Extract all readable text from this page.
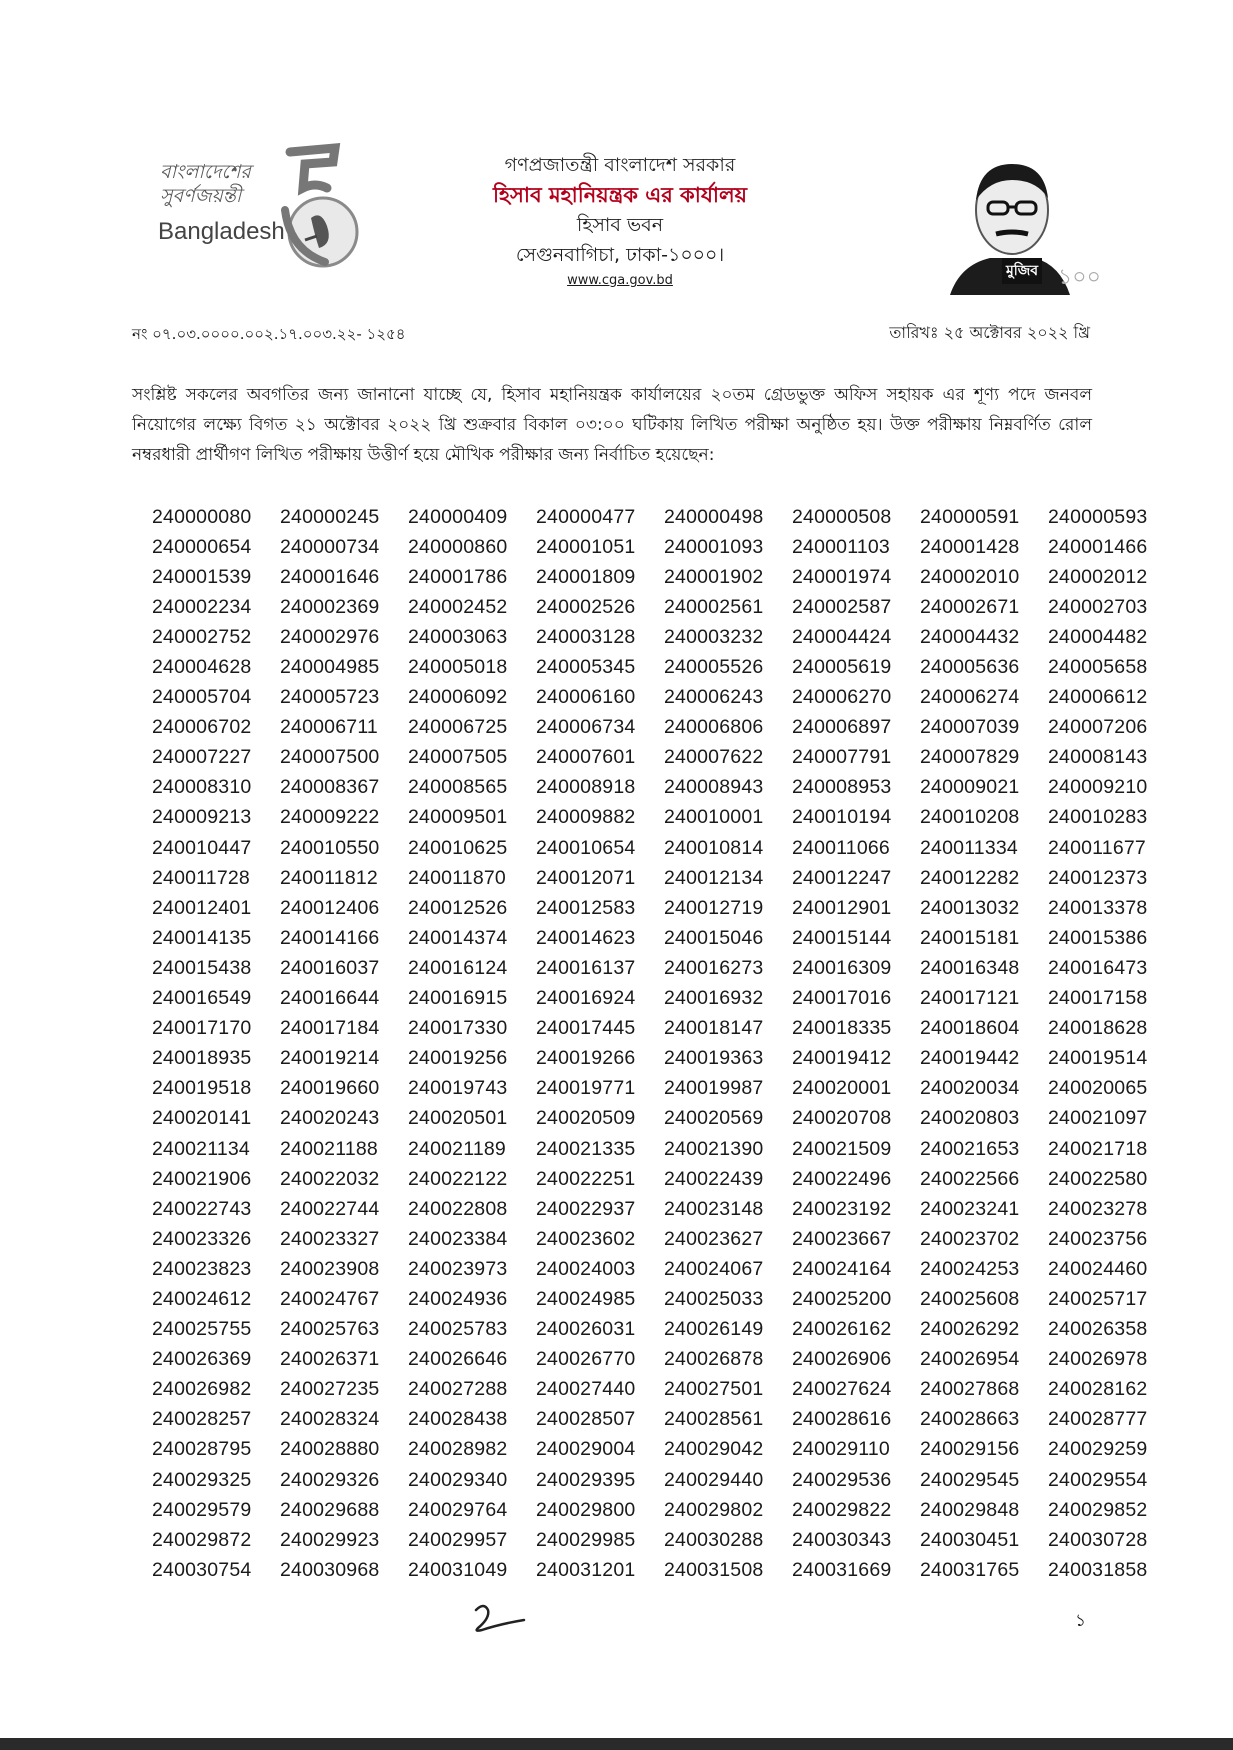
বাংলাদেশের
সুবর্ণজয়ন্তী
Bangladesh
গণপ্রজাতন্ত্রী বাংলাদেশ সরকার
হিসাব মহানিয়ন্ত্রক এর কার্যালয়
হিসাব ভবন
সেগুনবাগিচা, ঢাকা-১০০০।
www.cga.gov.bd
মুজিব ১০০
নং ০৭.০৩.০০০০.০০২.১৭.০০৩.২২- ১২৫৪	তারিখঃ ২৫ অক্টোবর ২০২২ খ্রি
সংশ্লিষ্ট সকলের অবগতির জন্য জানানো যাচ্ছে যে, হিসাব মহানিয়ন্ত্রক কার্যালয়ের ২০তম গ্রেডভুক্ত অফিস সহায়ক এর শূণ্য পদে জনবল নিয়োগের লক্ষ্যে বিগত ২১ অক্টোবর ২০২২ খ্রি শুক্রবার বিকাল ০৩:০০ ঘটিকায় লিখিত পরীক্ষা অনুষ্ঠিত হয়। উক্ত পরীক্ষায় নিম্নবর্ণিত রোল নম্বরধারী প্রার্থীগণ লিখিত পরীক্ষায় উত্তীর্ণ হয়ে মৌখিক পরীক্ষার জন্য নির্বাচিত হয়েছেন:
240000080	240000245	240000409	240000477	240000498	240000508	240000591	240000593
240000654	240000734	240000860	240001051	240001093	240001103	240001428	240001466
240001539	240001646	240001786	240001809	240001902	240001974	240002010	240002012
240002234	240002369	240002452	240002526	240002561	240002587	240002671	240002703
240002752	240002976	240003063	240003128	240003232	240004424	240004432	240004482
240004628	240004985	240005018	240005345	240005526	240005619	240005636	240005658
240005704	240005723	240006092	240006160	240006243	240006270	240006274	240006612
240006702	240006711	240006725	240006734	240006806	240006897	240007039	240007206
240007227	240007500	240007505	240007601	240007622	240007791	240007829	240008143
240008310	240008367	240008565	240008918	240008943	240008953	240009021	240009210
240009213	240009222	240009501	240009882	240010001	240010194	240010208	240010283
240010447	240010550	240010625	240010654	240010814	240011066	240011334	240011677
240011728	240011812	240011870	240012071	240012134	240012247	240012282	240012373
240012401	240012406	240012526	240012583	240012719	240012901	240013032	240013378
240014135	240014166	240014374	240014623	240015046	240015144	240015181	240015386
240015438	240016037	240016124	240016137	240016273	240016309	240016348	240016473
240016549	240016644	240016915	240016924	240016932	240017016	240017121	240017158
240017170	240017184	240017330	240017445	240018147	240018335	240018604	240018628
240018935	240019214	240019256	240019266	240019363	240019412	240019442	240019514
240019518	240019660	240019743	240019771	240019987	240020001	240020034	240020065
240020141	240020243	240020501	240020509	240020569	240020708	240020803	240021097
240021134	240021188	240021189	240021335	240021390	240021509	240021653	240021718
240021906	240022032	240022122	240022251	240022439	240022496	240022566	240022580
240022743	240022744	240022808	240022937	240023148	240023192	240023241	240023278
240023326	240023327	240023384	240023602	240023627	240023667	240023702	240023756
240023823	240023908	240023973	240024003	240024067	240024164	240024253	240024460
240024612	240024767	240024936	240024985	240025033	240025200	240025608	240025717
240025755	240025763	240025783	240026031	240026149	240026162	240026292	240026358
240026369	240026371	240026646	240026770	240026878	240026906	240026954	240026978
240026982	240027235	240027288	240027440	240027501	240027624	240027868	240028162
240028257	240028324	240028438	240028507	240028561	240028616	240028663	240028777
240028795	240028880	240028982	240029004	240029042	240029110	240029156	240029259
240029325	240029326	240029340	240029395	240029440	240029536	240029545	240029554
240029579	240029688	240029764	240029800	240029802	240029822	240029848	240029852
240029872	240029923	240029957	240029985	240030288	240030343	240030451	240030728
240030754	240030968	240031049	240031201	240031508	240031669	240031765	240031858
১
